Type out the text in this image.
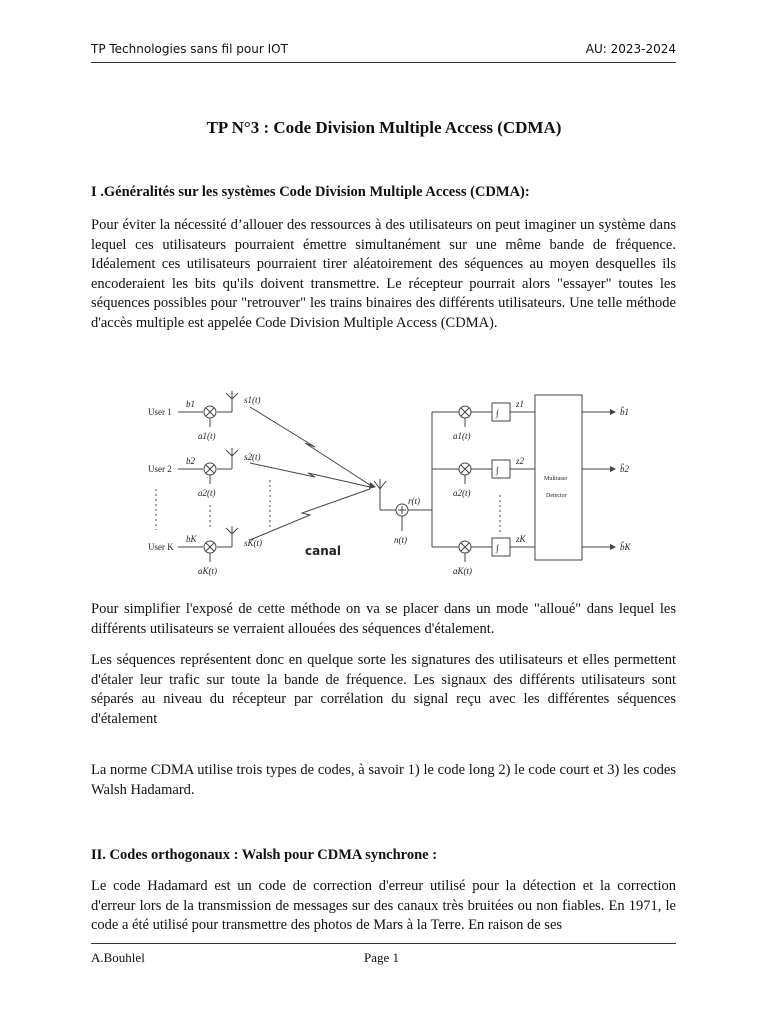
TP Technologies sans fil pour IOT	AU: 2023-2024
TP N°3 : Code Division Multiple Access (CDMA)
I .Généralités sur les systèmes Code Division Multiple Access (CDMA):

Pour éviter la nécessité d’allouer des ressources à des utilisateurs on peut imaginer un système dans lequel ces utilisateurs pourraient émettre simultanément sur une même bande de fréquence. Idéalement ces utilisateurs pourraient tirer aléatoirement des séquences au moyen desquelles ils encoderaient les bits qu'ils doivent transmettre. Le récepteur pourrait alors "essayer" toutes les séquences possibles pour "retrouver" les trains binaires des différents utilisateurs. Une telle méthode d'accès multiple est appelée Code Division Multiple Access (CDMA).

User 1
User 2
User K
b1
b2
bK
a1(t)
a2(t)
aK(t)
s1(t)
s2(t)
sK(t)
r(t)
n(t)
∫
∫
∫
a1(t)
a2(t)
aK(t)
z1
z2
zK
b̂1
b̂2
b̂K
Multiuser
Detector
canal

Pour simplifier l'exposé de cette méthode on va se placer dans un mode "alloué" dans lequel les différents utilisateurs se verraient allouées des séquences d'étalement.

Les séquences représentent donc en quelque sorte les signatures des utilisateurs et elles permettent d'étaler leur trafic sur toute la bande de fréquence. Les signaux des différents utilisateurs sont séparés au niveau du récepteur par corrélation du signal reçu avec les différentes séquences d'étalement

La norme CDMA utilise trois types de codes, à savoir 1) le code long 2) le code court et 3) les codes Walsh Hadamard.

II. Codes orthogonaux : Walsh pour CDMA synchrone :

Le code Hadamard est un code de correction d'erreur utilisé pour la détection et la correction d'erreur lors de la transmission de messages sur des canaux très bruitées ou non fiables. En 1971, le code a été utilisé pour transmettre des photos de Mars à la Terre. En raison de ses

A.Bouhlel	Page 1
